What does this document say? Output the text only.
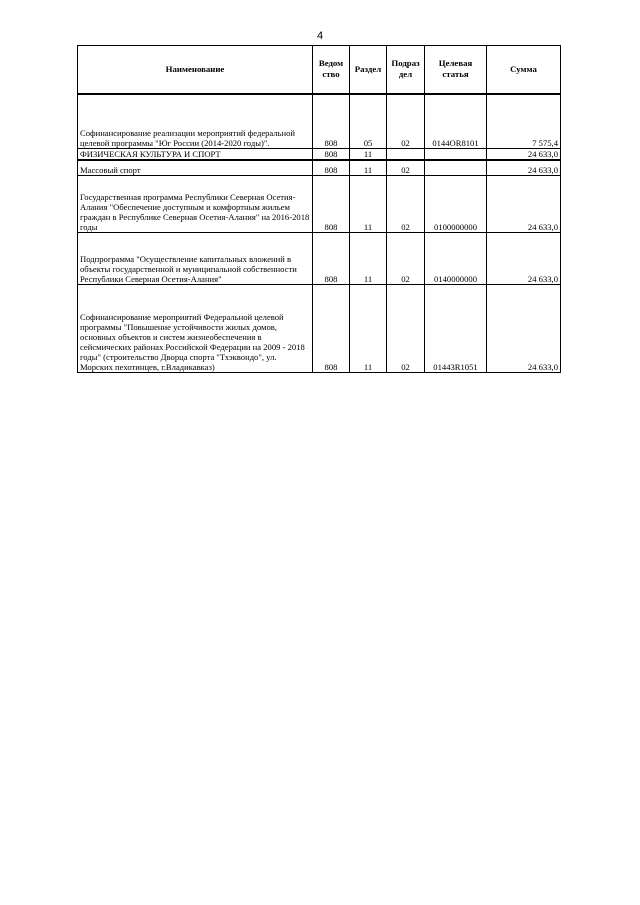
4
Наименование	Ведом ство	Раздел	Подраз дел	Целевая статья	Сумма
Софинансирование реализации мероприятий федеральной целевой программы "Юг России (2014-2020 годы)".	808	05	02	0144OR8101	7 575,4
ФИЗИЧЕСКАЯ КУЛЬТУРА И СПОРТ	808	11			24 633,0
Массовый спорт	808	11	02		24 633,0
Государственная программа Республики Северная Осетия-Алания "Обеспечение доступным и комфортным жильем граждан в Республике Северная Осетия-Алания" на 2016-2018 годы	808	11	02	0100000000	24 633,0
Подпрограмма "Осуществление капитальных вложений в объекты государственной и муниципальной собственности Республики Северная Осетия-Алания"	808	11	02	0140000000	24 633,0
Софинансирование мероприятий Федеральной целевой программы "Повышение устойчивости жилых домов, основных объектов и систем жизнеобеспечения в сейсмических районах Российской Федерации на 2009 - 2018 годы" (строительство Дворца спорта "Тхэквондо", ул. Морских пехотинцев, г.Владикавказ)	808	11	02	01443R1051	24 633,0
